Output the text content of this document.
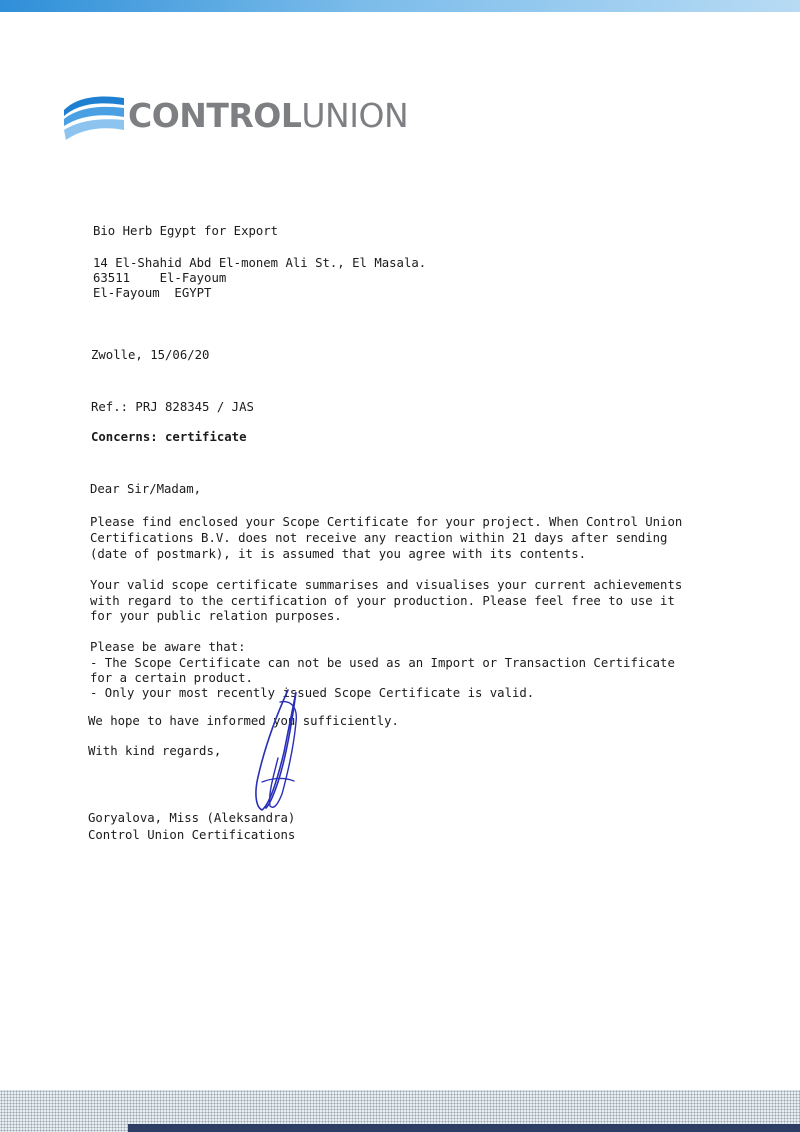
CONTROLUNION

Bio Herb Egypt for Export

14 El-Shahid Abd El-monem Ali St., El Masala.

63511    El-Fayoum

El-Fayoum  EGYPT

Zwolle, 15/06/20

Ref.: PRJ 828345 / JAS

Concerns: certificate

Dear Sir/Madam,

Please find enclosed your Scope Certificate for your project. When Control Union

Certifications B.V. does not receive any reaction within 21 days after sending

(date of postmark), it is assumed that you agree with its contents.

Your valid scope certificate summarises and visualises your current achievements

with regard to the certification of your production. Please feel free to use it

for your public relation purposes.

Please be aware that:

- The Scope Certificate can not be used as an Import or Transaction Certificate

for a certain product.

- Only your most recently issued Scope Certificate is valid.

We hope to have informed you sufficiently.

With kind regards,

Goryalova, Miss (Aleksandra)

Control Union Certifications
